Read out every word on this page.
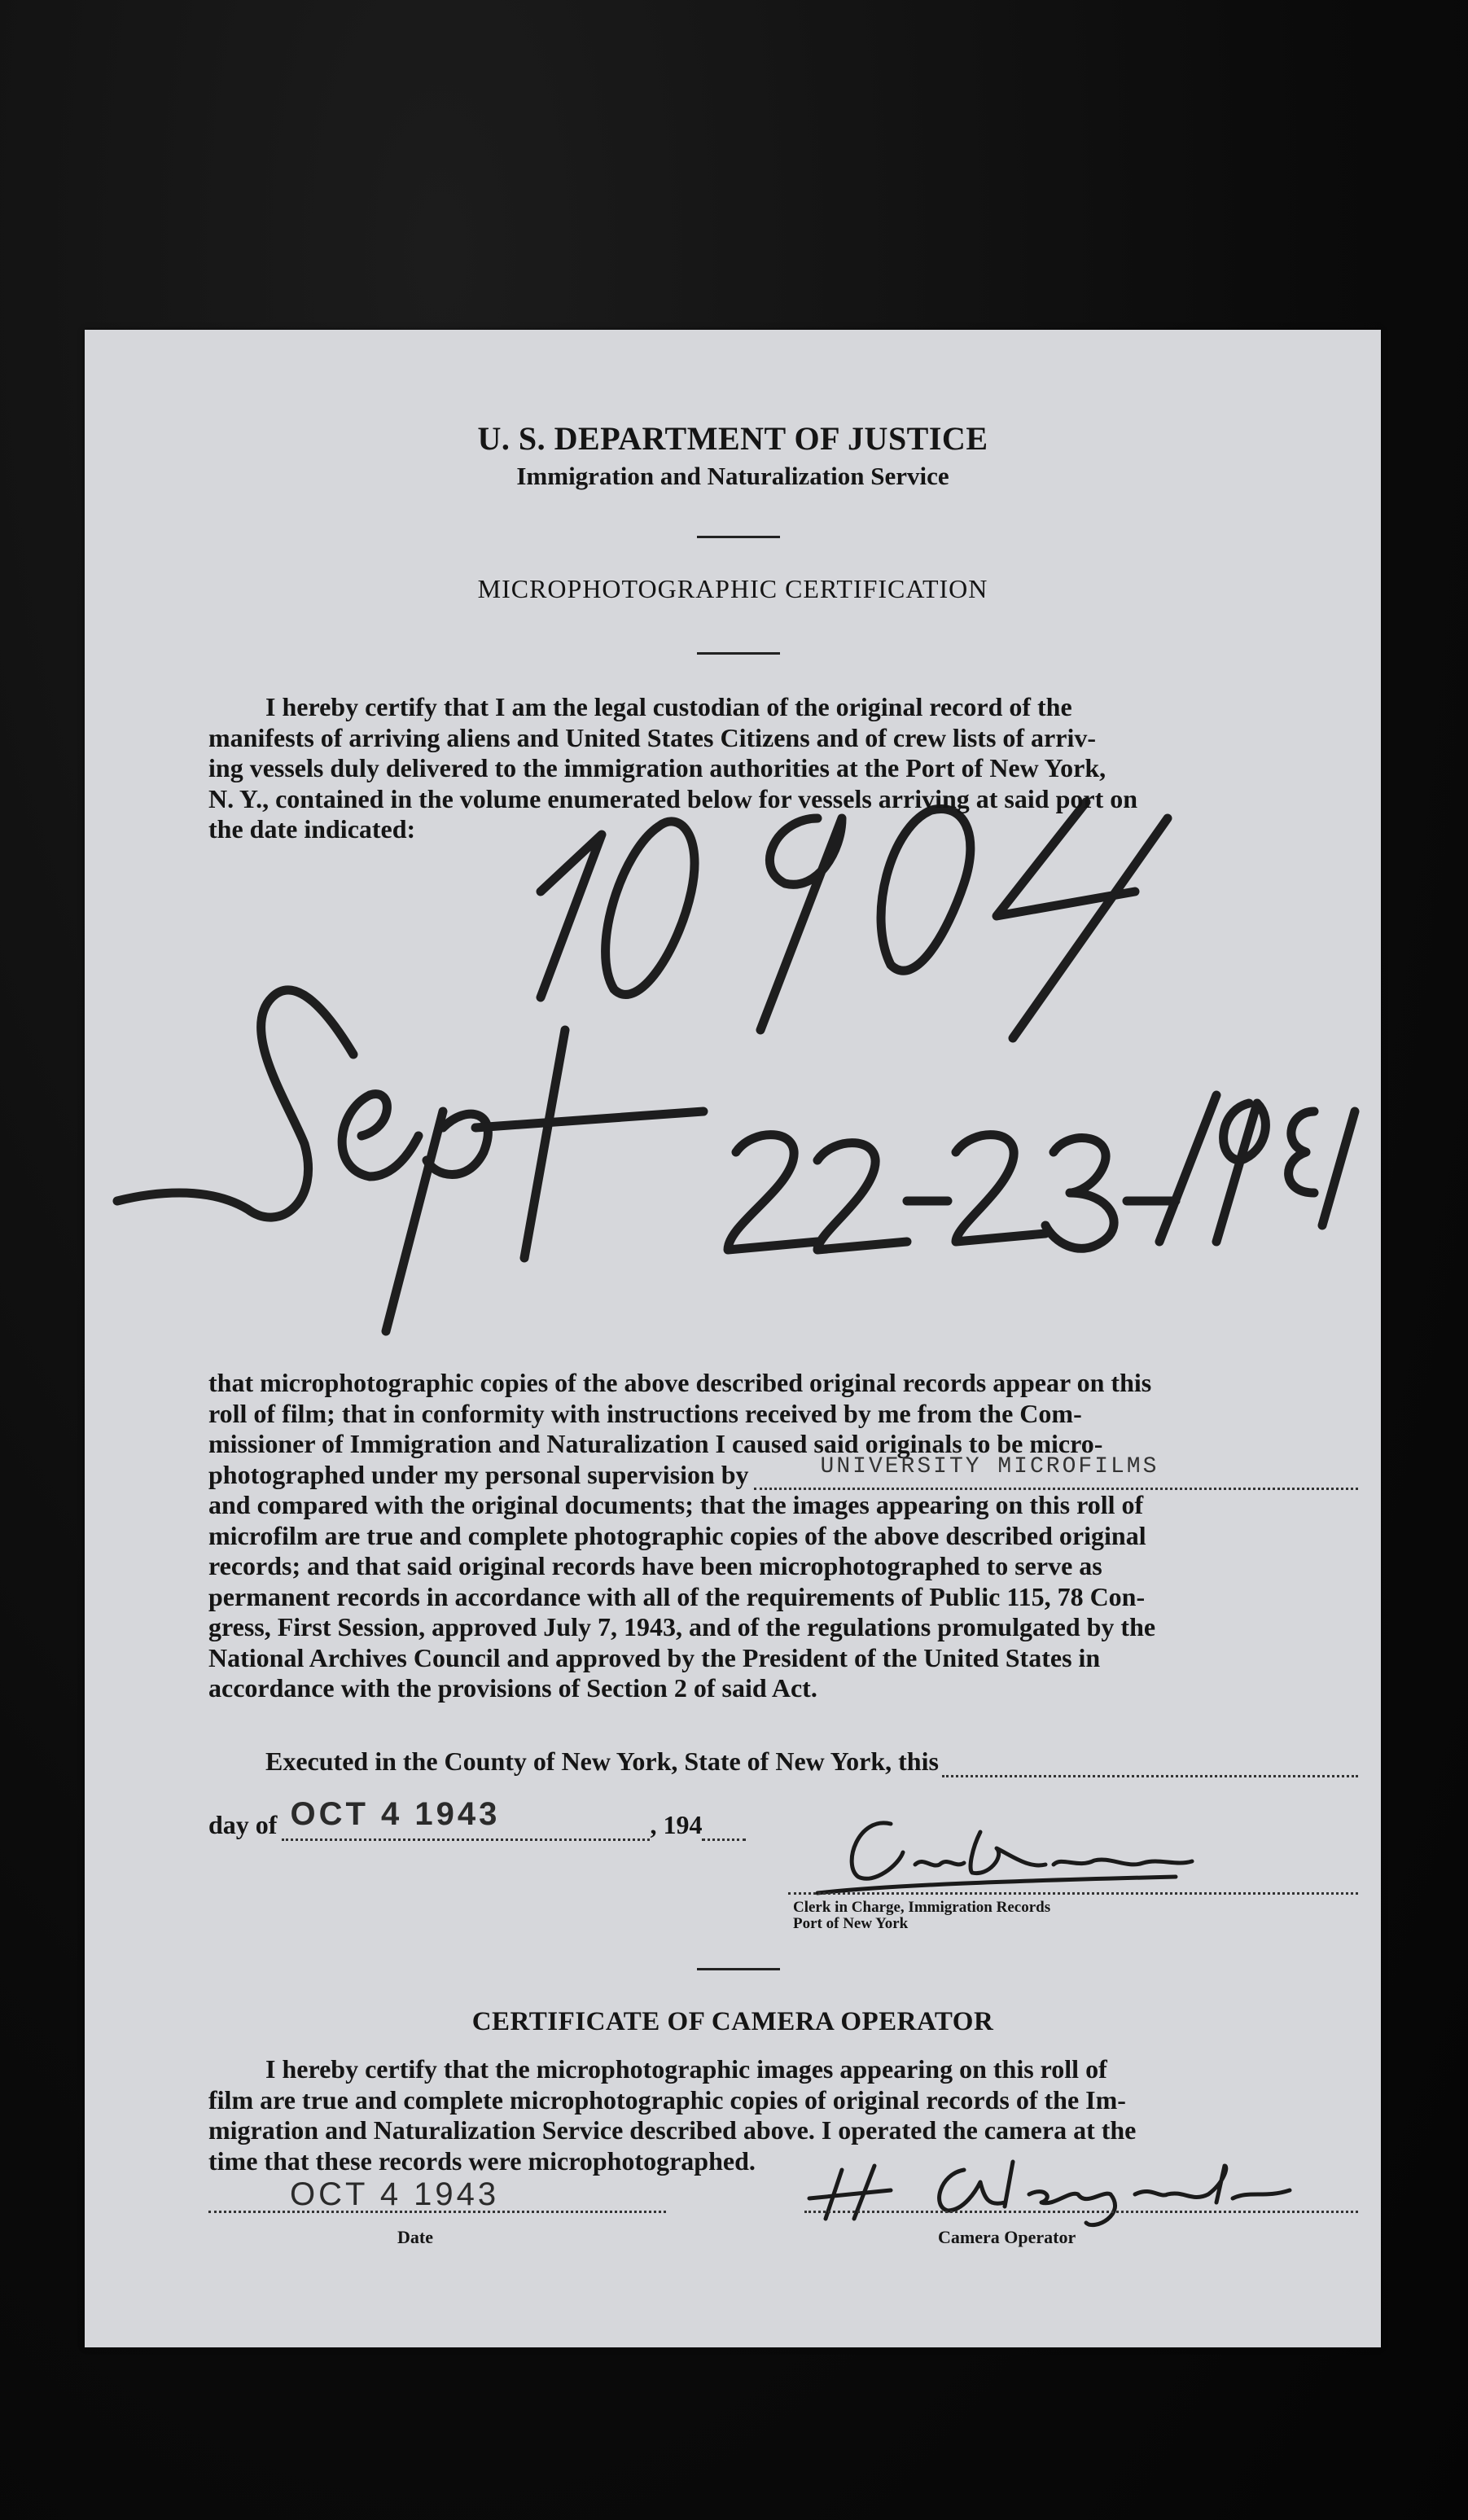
U. S. DEPARTMENT OF JUSTICE
Immigration and Naturalization Service
MICROPHOTOGRAPHIC CERTIFICATION
I hereby certify that I am the legal custodian of the original record of the
manifests of arriving aliens and United States Citizens and of crew lists of arriv-
ing vessels duly delivered to the immigration authorities at the Port of New York,
N. Y., contained in the volume enumerated below for vessels arriving at said port on
the date indicated:
that microphotographic copies of the above described original records appear on this
roll of film; that in conformity with instructions received by me from the Com-
missioner of Immigration and Naturalization I caused said originals to be micro-
photographed under my personal supervision by	UNIVERSITY MICROFILMS
and compared with the original documents; that the images appearing on this roll of
microfilm are true and complete photographic copies of the above described original
records; and that said original records have been microphotographed to serve as
permanent records in accordance with all of the requirements of Public 115, 78 Con-
gress, First Session, approved July 7, 1943, and of the regulations promulgated by the
National Archives Council and approved by the President of the United States in
accordance with the provisions of Section 2 of said Act.
Executed in the County of New York, State of New York, this
day of OCT 4 1943	, 194
Clerk in Charge, Immigration Records
Port of New York
CERTIFICATE OF CAMERA OPERATOR
I hereby certify that the microphotographic images appearing on this roll of
film are true and complete microphotographic copies of original records of the Im-
migration and Naturalization Service described above. I operated the camera at the
time that these records were microphotographed.
OCT 4 1943
Date	Camera Operator
